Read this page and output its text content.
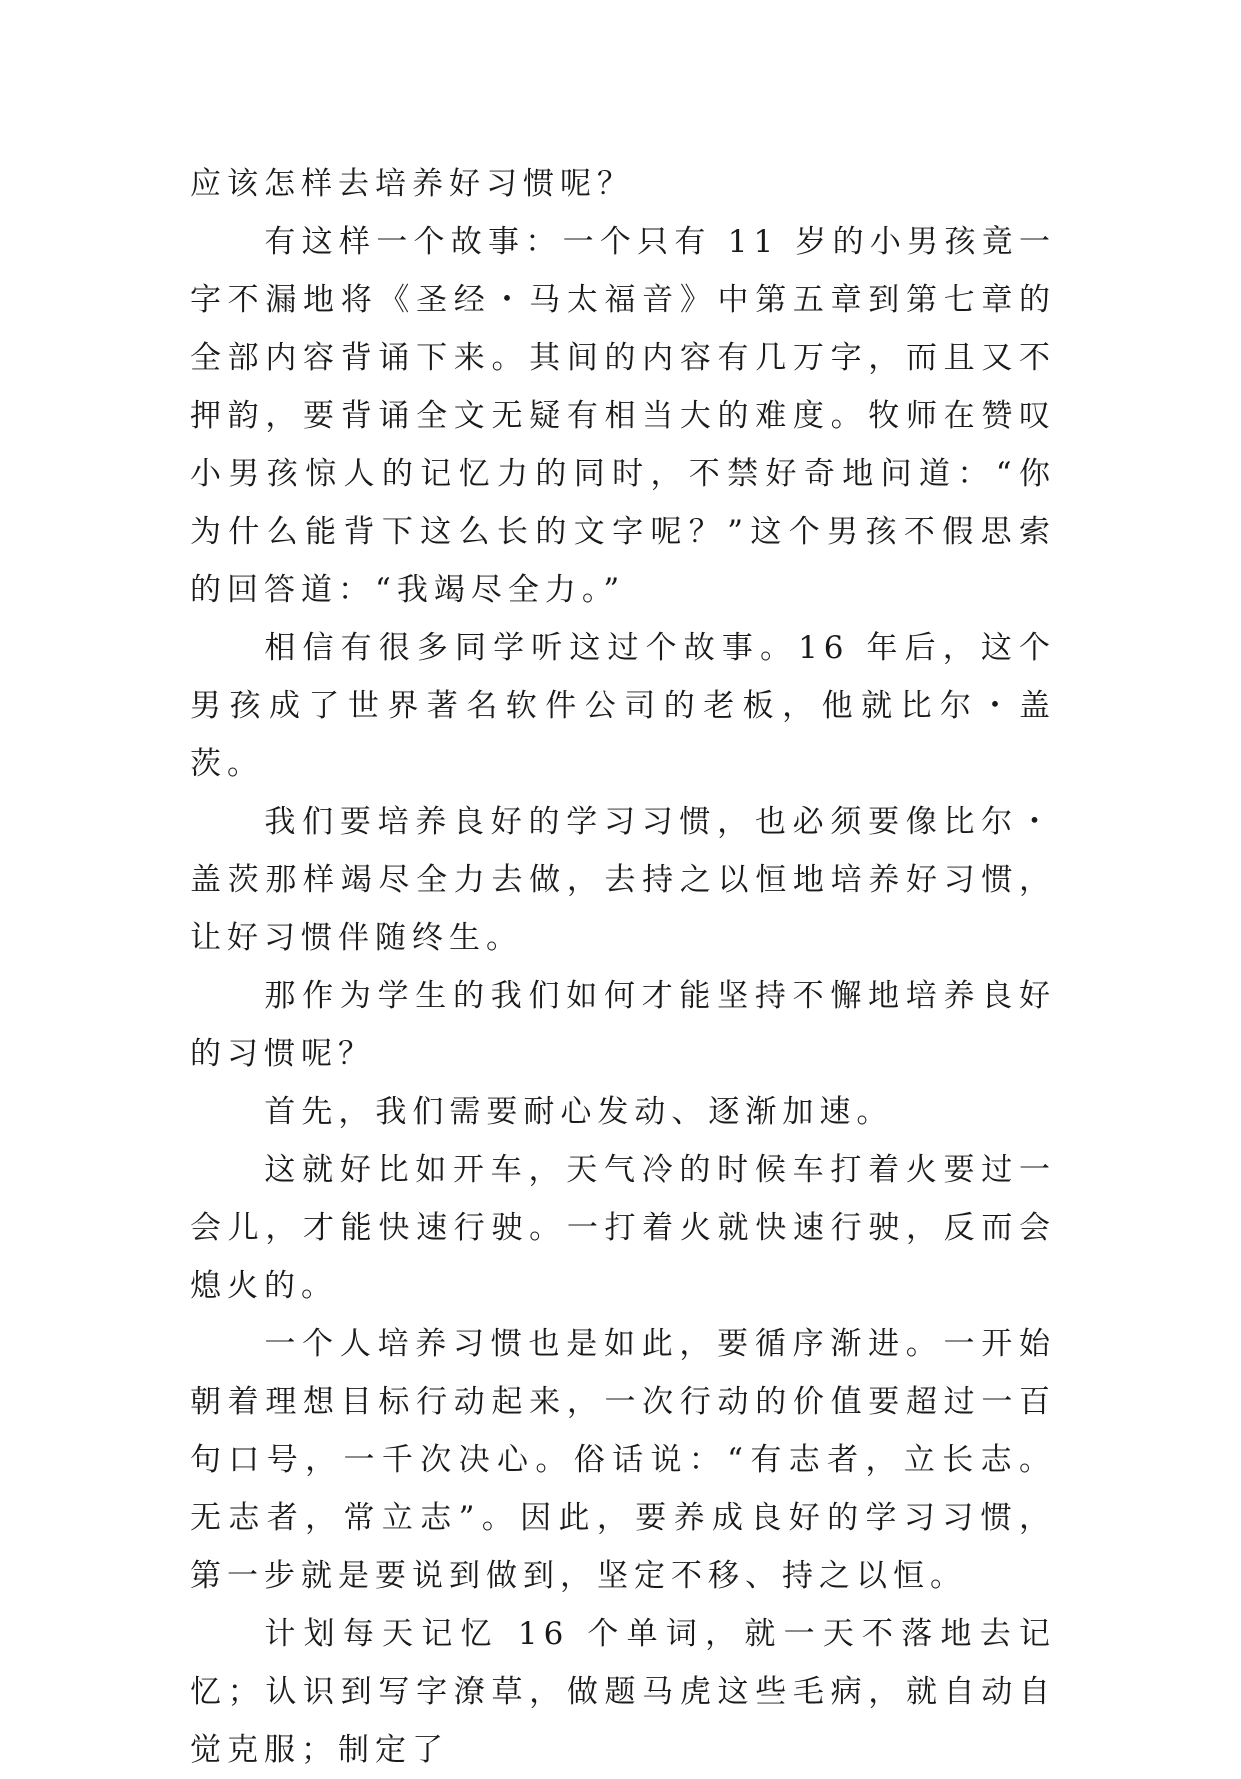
应该怎样去培养好习惯呢？

有这样一个故事：一个只有 11 岁的小男孩竟一字不漏地将《圣经・马太福音》中第五章到第七章的全部内容背诵下来。其间的内容有几万字，而且又不押韵，要背诵全文无疑有相当大的难度。牧师在赞叹小男孩惊人的记忆力的同时，不禁好奇地问道：“你为什么能背下这么长的文字呢？”这个男孩不假思索的回答道：“我竭尽全力。”

相信有很多同学听这过个故事。16 年后，这个男孩成了世界著名软件公司的老板，他就比尔・盖茨。

我们要培养良好的学习习惯，也必须要像比尔・盖茨那样竭尽全力去做，去持之以恒地培养好习惯，让好习惯伴随终生。

那作为学生的我们如何才能坚持不懈地培养良好的习惯呢？

首先，我们需要耐心发动、逐渐加速。

这就好比如开车，天气冷的时候车打着火要过一会儿，才能快速行驶。一打着火就快速行驶，反而会熄火的。

一个人培养习惯也是如此，要循序渐进。一开始朝着理想目标行动起来，一次行动的价值要超过一百句口号，一千次决心。俗话说：“有志者，立长志。无志者，常立志”。因此，要养成良好的学习习惯，第一步就是要说到做到，坚定不移、持之以恒。

计划每天记忆 16 个单词，就一天不落地去记忆；认识到写字潦草，做题马虎这些毛病，就自动自觉克服；制定了
